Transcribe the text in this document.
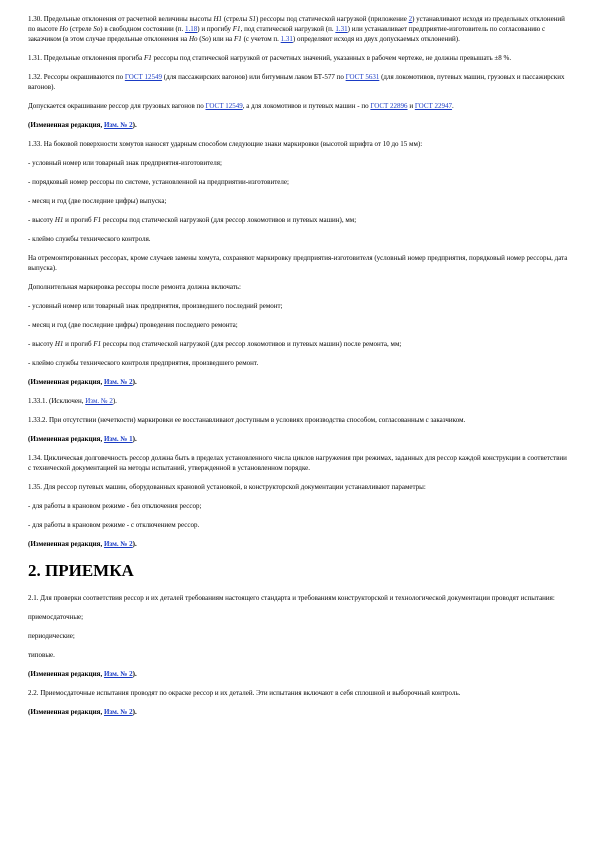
1.30. Предельные отклонения от расчетной величины высоты H1 (стрелы S1) рессоры под статической нагрузкой (приложение 2) устанавливают исходя из предельных отклонений по высоте Ho (стреле So) в свободном состоянии (п. 1.18) и прогибу F1, под статической нагрузкой (п. 1.31) или устанавливает предприятие-изготовитель по согласованию с заказчиком (в этом случае предельные отклонения на Ho (So) или на F1 (с учетом п. 1.31) определяют исходя из двух допускаемых отклонений).

1.31. Предельные отклонения прогиба F1 рессоры под статической нагрузкой от расчетных значений, указанных в рабочем чертеже, не должны превышать ±8 %.

1.32. Рессоры окрашиваются по ГОСТ 12549 (для пассажирских вагонов) или битумным лаком БТ-577 по ГОСТ 5631 (для локомотивов, путевых машин, грузовых и пассажирских вагонов).

Допускается окрашивание рессор для грузовых вагонов по ГОСТ 12549, а для локомотивов и путевых машин - по ГОСТ 22896 и ГОСТ 22947.

(Измененная редакция, Изм. № 2).

1.33. На боковой поверхности хомутов наносят ударным способом следующие знаки маркировки (высотой шрифта от 10 до 15 мм):

- условный номер или товарный знак предприятия-изготовителя;

- порядковый номер рессоры по системе, установленной на предприятии-изготовителе;

- месяц и год (две последние цифры) выпуска;

- высоту H1 и прогиб F1 рессоры под статической нагрузкой (для рессор локомотивов и путевых машин), мм;

- клеймо службы технического контроля.

На отремонтированных рессорах, кроме случаев замены хомута, сохраняют маркировку предприятия-изготовителя (условный номер предприятия, порядковый номер рессоры, дата выпуска).

Дополнительная маркировка рессоры после ремонта должна включать:

- условный номер или товарный знак предприятия, произведшего последний ремонт;

- месяц и год (две последние цифры) проведения последнего ремонта;

- высоту H1 и прогиб F1 рессоры под статической нагрузкой (для рессор локомотивов и путевых машин) после ремонта, мм;

- клеймо службы технического контроля предприятия, произведшего ремонт.

(Измененная редакция, Изм. № 2).

1.33.1. (Исключен, Изм. № 2).

1.33.2. При отсутствии (нечеткости) маркировки ее восстанавливают доступным в условиях производства способом, согласованным с заказчиком.

(Измененная редакция, Изм. № 1).

1.34. Циклическая долговечность рессор должна быть в пределах установленного числа циклов нагружения при режимах, заданных для рессор каждой конструкции в соответствии с технической документацией на методы испытаний, утвержденной в установленном порядке.

1.35. Для рессор путевых машин, оборудованных крановой установкой, в конструкторской документации устанавливают параметры:

- для работы в крановом режиме - без отключения рессор;

- для работы в крановом режиме - с отключением рессор.

(Измененная редакция, Изм. № 2).

2. ПРИЕМКА

2.1. Для проверки соответствия рессор и их деталей требованиям настоящего стандарта и требованиям конструкторской и технологической документации проводят испытания:

приемосдаточные;

периодические;

типовые.

(Измененная редакция, Изм. № 2).

2.2. Приемосдаточные испытания проводят по окраске рессор и их деталей. Эти испытания включают в себя сплошной и выборочный контроль.

(Измененная редакция, Изм. № 2).
